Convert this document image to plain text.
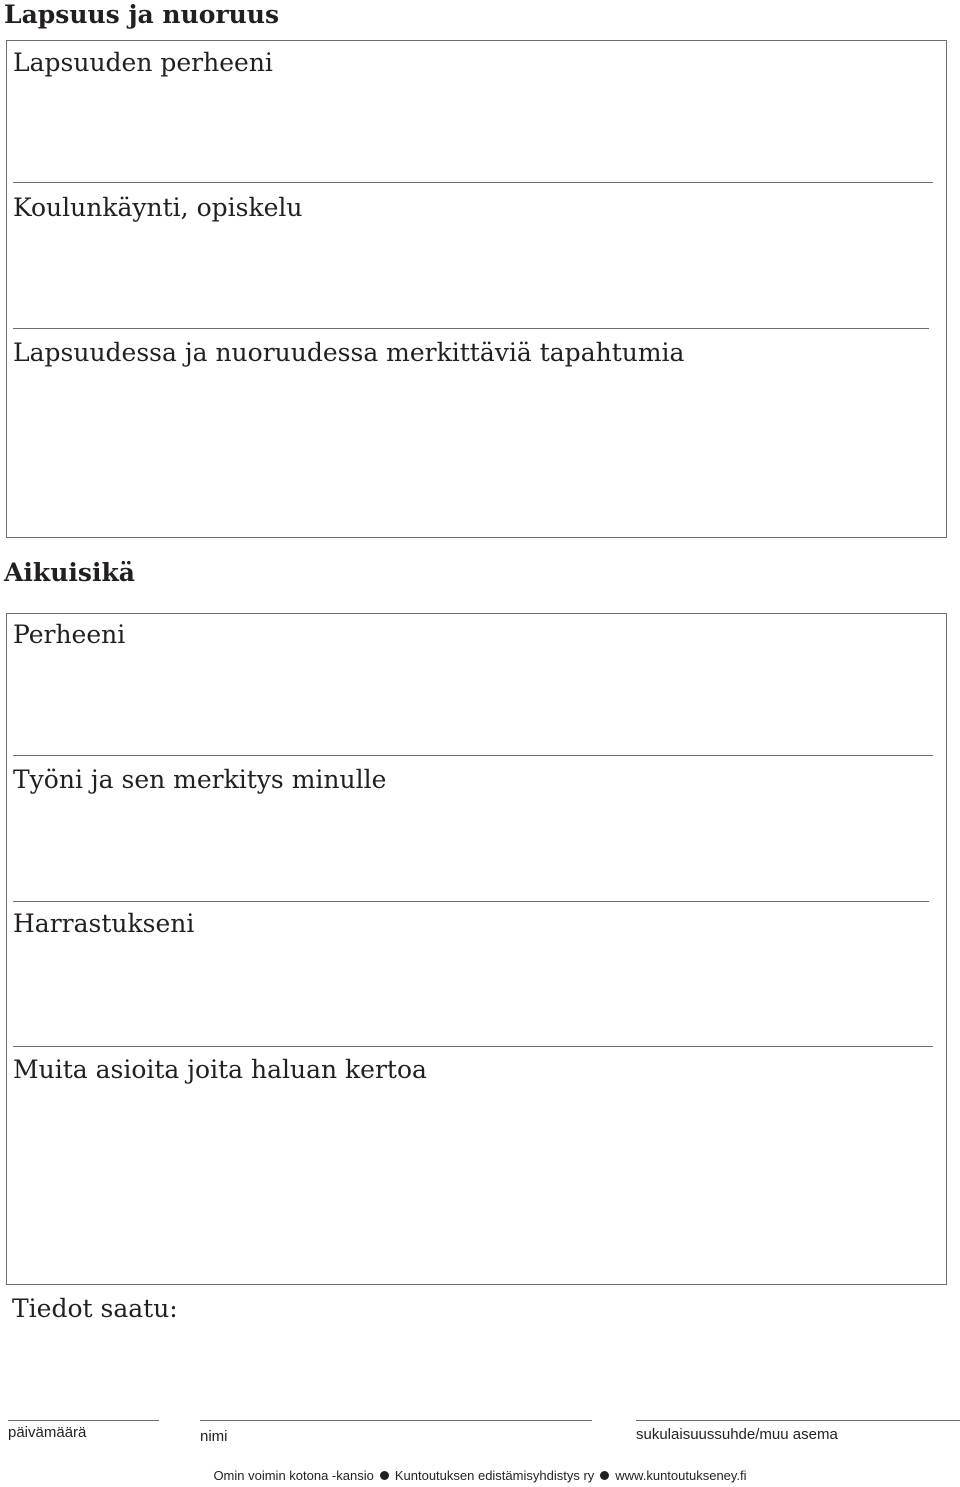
Lapsuus ja nuoruus

Lapsuuden perheeni

Koulunkäynti, opiskelu

Lapsuudessa ja nuoruudessa merkittäviä tapahtumia

Aikuisikä

Perheeni

Työni ja sen merkitys minulle

Harrastukseni

Muita asioita joita haluan kertoa

Tiedot saatu:

päivämäärä	nimi	sukulaisuussuhde/muu asema
Omin voimin kotona -kansio Kuntoutuksen edistämisyhdistys ry www.kuntoutukseney.fi
